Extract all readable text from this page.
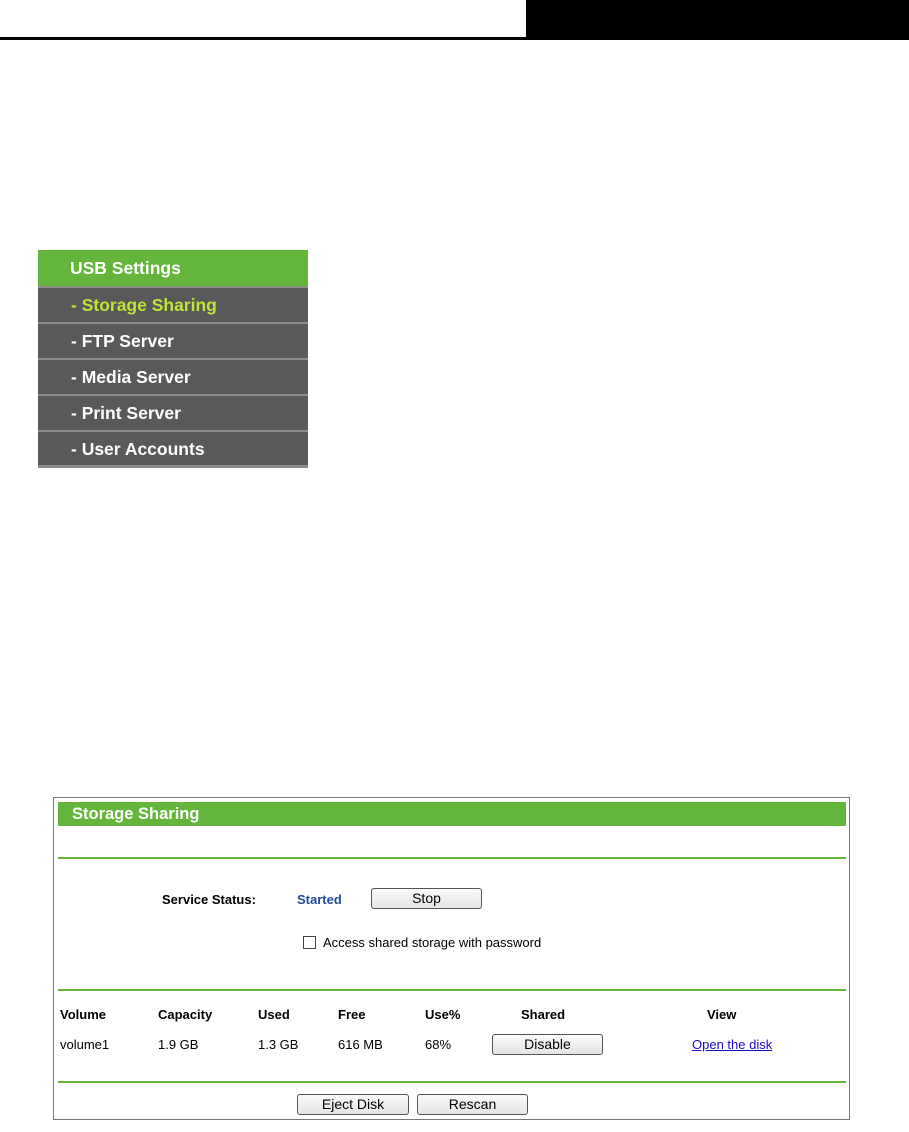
USB Settings
- Storage Sharing
- FTP Server
- Media Server
- Print Server
- User Accounts
Storage Sharing
Service Status:	Started	Stop
Access shared storage with password
Volume	Capacity	Used	Free	Use%	Shared	View
volume1	1.9 GB	1.3 GB	616 MB	68%	Disable	Open the disk
Eject Disk	Rescan
